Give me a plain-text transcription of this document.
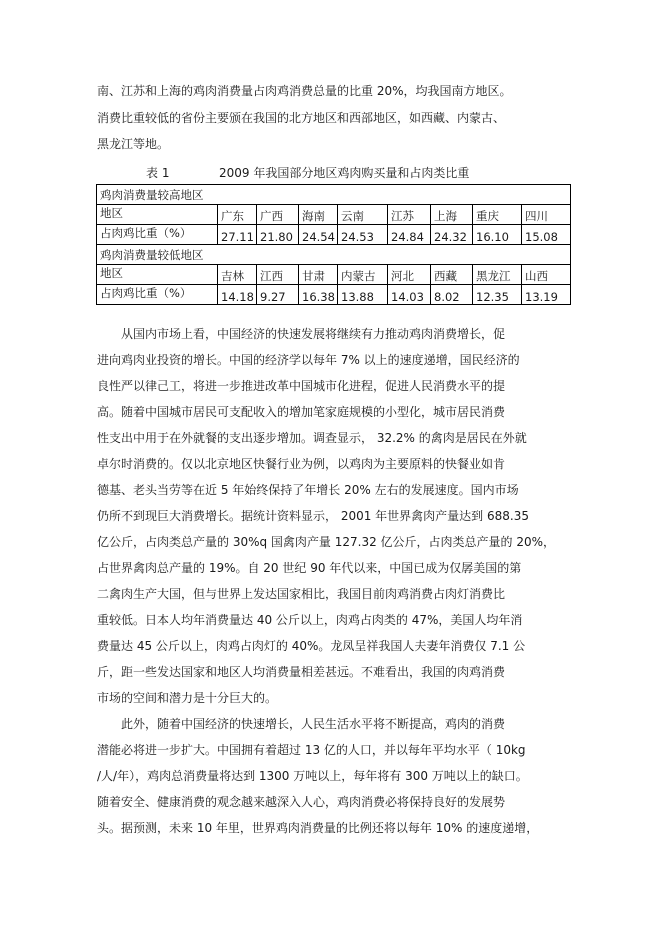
南、江苏和上海的鸡肉消费量占肉鸡消费总量的比重 20%，均我国南方地区。
消费比重较低的省份主要颁在我国的北方地区和西部地区，如西藏、内蒙古、
黑龙江等地。
表 1	2009 年我国部分地区鸡肉购买量和占肉类比重
鸡肉消费量较高地区								
地区	广东	广西	海南	云南	江苏	上海	重庆	四川
占肉鸡比重（%）	27.11	21.80	24.54	24.53	24.84	24.32	16.10	15.08
鸡肉消费量较低地区								
地区	吉林	江西	甘肃	内蒙古	河北	西藏	黑龙江	山西
占肉鸡比重（%）	14.18	9.27	16.38	13.88	14.03	8.02	12.35	13.19
从国内市场上看，中国经济的快速发展将继续有力推动鸡肉消费增长，促
进向鸡肉业投资的增长。中国的经济学以每年 7% 以上的速度递增，国民经济的
良性严以律己工，将进一步推进改革中国城市化进程，促进人民消费水平的提
高。随着中国城市居民可支配收入的增加笔家庭规模的小型化，城市居民消费
性支出中用于在外就餐的支出逐步增加。调查显示， 32.2% 的禽肉是居民在外就
卓尔时消费的。仅以北京地区快餐行业为例，以鸡肉为主要原料的快餐业如肯
德基、老头当劳等在近 5 年始终保持了年增长 20% 左右的发展速度。国内市场
仍所不到现巨大消费增长。据统计资料显示， 2001 年世界禽肉产量达到 688.35
亿公斤，占肉类总产量的 30%q 国禽肉产量 127.32 亿公斤，占肉类总产量的 20%，
占世界禽肉总产量的 19%。自 20 世纪 90 年代以来，中国已成为仅孱美国的第
二禽肉生产大国，但与世界上发达国家相比，我国目前肉鸡消费占肉灯消费比
重较低。日本人均年消费量达 40 公斤以上，肉鸡占肉类的 47%，美国人均年消
费量达 45 公斤以上，肉鸡占肉灯的 40%。龙凤呈祥我国人夫妻年消费仅 7.1 公
斤，距一些发达国家和地区人均消费量相差甚远。不难看出，我国的肉鸡消费
市场的空间和潜力是十分巨大的。
此外，随着中国经济的快速增长，人民生活水平将不断提高，鸡肉的消费
潜能必将进一步扩大。中国拥有着超过 13 亿的人口，并以每年平均水平（ 10kg
/人/年），鸡肉总消费量将达到 1300 万吨以上，每年将有 300 万吨以上的缺口。
随着安全、健康消费的观念越来越深入人心，鸡肉消费必将保持良好的发展势
头。据预测，未来 10 年里，世界鸡肉消费量的比例还将以每年 10% 的速度递增，
